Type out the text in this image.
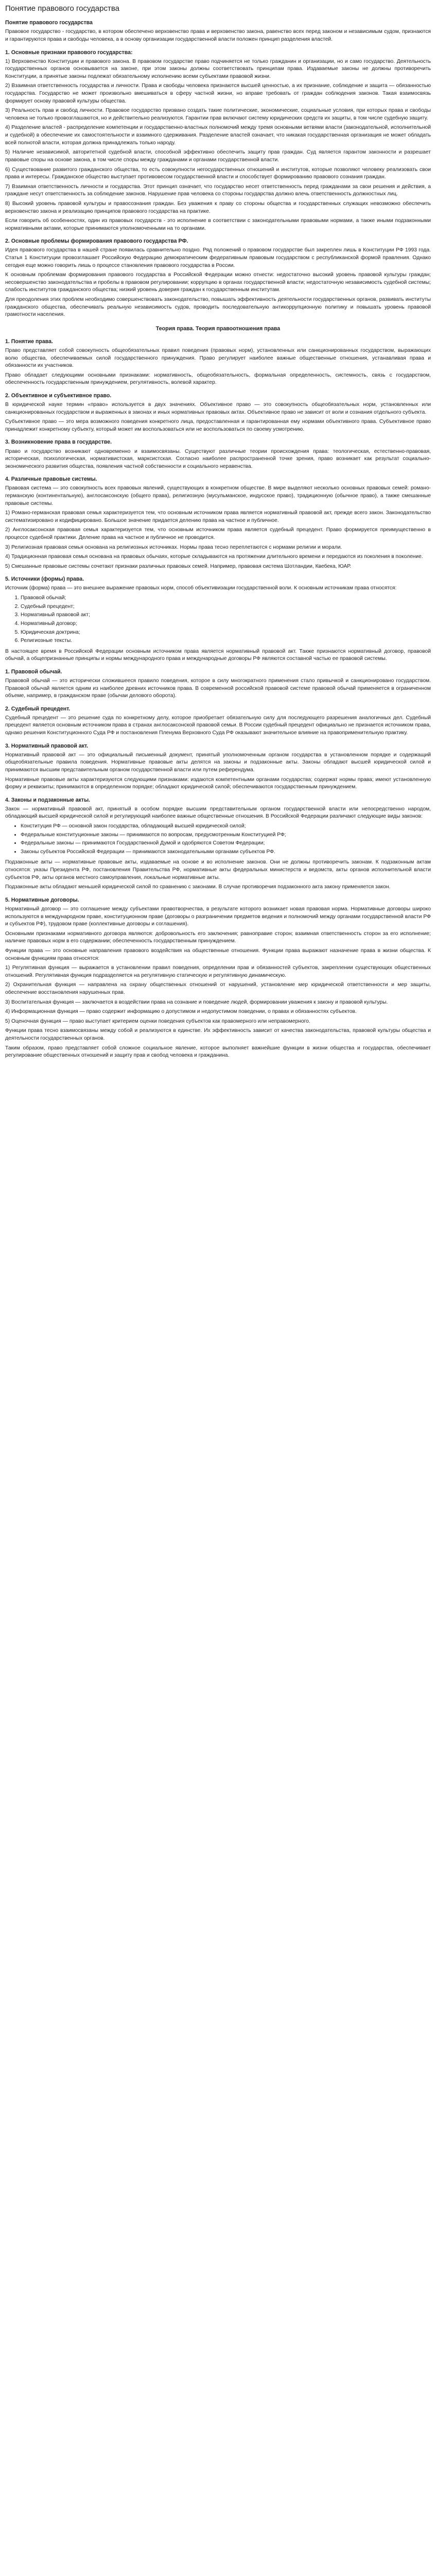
Понятие правового государства
Понятие правового государства

Правовое государство - государство, в котором обеспечено верховенство права и верховенство закона, равенство всех перед законом и независимым судом, признаются и гарантируются права и свободы человека, а в основу организации государственной власти положен принцип разделения властей.

1. Основные признаки правового государства:

1) Верховенство Конституции и правового закона. В правовом государстве право подчиняется не только гражданин и организации, но и само государство. Деятельность государственных органов основывается на законе, при этом законы должны соответствовать принципам права. Издаваемые законы не должны противоречить Конституции, а принятые законы подлежат обязательному исполнению всеми субъектами правовой жизни.

2) Взаимная ответственность государства и личности. Права и свободы человека признаются высшей ценностью, а их признание, соблюдение и защита — обязанностью государства. Государство не может произвольно вмешиваться в сферу частной жизни, но вправе требовать от граждан соблюдения законов. Такая взаимосвязь формирует основу правовой культуры общества.

3) Реальность прав и свобод личности. Правовое государство призвано создать такие политические, экономические, социальные условия, при которых права и свободы человека не только провозглашаются, но и действительно реализуются. Гарантии прав включают систему юридических средств их защиты, в том числе судебную защиту.

4) Разделение властей - распределение компетенции и государственно-властных полномочий между тремя основными ветвями власти (законодательной, исполнительной и судебной) в обеспечение их самостоятельности и взаимного сдерживания. Разделение властей означает, что никакая государственная организация не может обладать всей полнотой власти, которая должна принадлежать только народу.

5) Наличие независимой, авторитетной судебной власти, способной эффективно обеспечить защиту прав граждан. Суд является гарантом законности и разрешает правовые споры на основе закона, в том числе споры между гражданами и органами государственной власти.

6) Существование развитого гражданского общества, то есть совокупности негосударственных отношений и институтов, которые позволяют человеку реализовать свои права и интересы. Гражданское общество выступает противовесом государственной власти и способствует формированию правового сознания граждан.

7) Взаимная ответственность личности и государства. Этот принцип означает, что государство несет ответственность перед гражданами за свои решения и действия, а граждане несут ответственность за соблюдение законов. Нарушение прав человека со стороны государства должно влечь ответственность должностных лиц.

8) Высокий уровень правовой культуры и правосознания граждан. Без уважения к праву со стороны общества и государственных служащих невозможно обеспечить верховенство закона и реализацию принципов правового государства на практике.

Если говорить об особенностях, один из правовых государств - это исполнение в соответствии с законодательными правовыми нормами, а также иными подзаконными нормативными актами, которые принимаются уполномоченными на то органами.

2. Основные проблемы формирования правового государства РФ.

Идея правового государства в нашей стране появилась сравнительно поздно. Ряд положений о правовом государстве был закреплен лишь в Конституции РФ 1993 года. Статья 1 Конституции провозглашает Российскую Федерацию демократическим федеративным правовым государством с республиканской формой правления. Однако сегодня еще можно говорить лишь о процессе становления правового государства в России.

К основным проблемам формирования правового государства в Российской Федерации можно отнести: недостаточно высокий уровень правовой культуры граждан; несовершенство законодательства и пробелы в правовом регулировании; коррупцию в органах государственной власти; недостаточную независимость судебной системы; слабость институтов гражданского общества; низкий уровень доверия граждан к государственным институтам.

Для преодоления этих проблем необходимо совершенствовать законодательство, повышать эффективность деятельности государственных органов, развивать институты гражданского общества, обеспечивать реальную независимость судов, проводить последовательную антикоррупционную политику и повышать уровень правовой грамотности населения.

Теория права. Теория правоотношения права
1. Понятие права.

Право представляет собой совокупность общеобязательных правил поведения (правовых норм), установленных или санкционированных государством, выражающих волю общества, обеспечиваемых силой государственного принуждения. Право регулирует наиболее важные общественные отношения, устанавливая права и обязанности их участников.

Право обладает следующими основными признаками: нормативность, общеобязательность, формальная определенность, системность, связь с государством, обеспеченность государственным принуждением, регулятивность, волевой характер.

2. Объективное и субъективное право.

В юридической науке термин «право» используется в двух значениях. Объективное право — это совокупность общеобязательных норм, установленных или санкционированных государством и выраженных в законах и иных нормативных правовых актах. Объективное право не зависит от воли и сознания отдельного субъекта.

Субъективное право — это мера возможного поведения конкретного лица, предоставленная и гарантированная ему нормами объективного права. Субъективное право принадлежит конкретному субъекту, который может им воспользоваться или не воспользоваться по своему усмотрению.

3. Возникновение права в государстве.

Право и государство возникают одновременно и взаимосвязаны. Существуют различные теории происхождения права: теологическая, естественно-правовая, историческая, психологическая, нормативистская, марксистская. Согласно наиболее распространенной точке зрения, право возникает как результат социально-экономического развития общества, появления частной собственности и социального неравенства.

4. Различные правовые системы.

Правовая система — это совокупность всех правовых явлений, существующих в конкретном обществе. В мире выделяют несколько основных правовых семей: романо-германскую (континентальную), англосаксонскую (общего права), религиозную (мусульманское, индусское право), традиционную (обычное право), а также смешанные правовые системы.

1) Романо-германская правовая семья характеризуется тем, что основным источником права является нормативный правовой акт, прежде всего закон. Законодательство систематизировано и кодифицировано. Большое значение придается делению права на частное и публичное.

2) Англосаксонская правовая семья характеризуется тем, что основным источником права является судебный прецедент. Право формируется преимущественно в процессе судебной практики. Деление права на частное и публичное не проводится.

3) Религиозная правовая семья основана на религиозных источниках. Нормы права тесно переплетаются с нормами религии и морали.

4) Традиционная правовая семья основана на правовых обычаях, которые складываются на протяжении длительного времени и передаются из поколения в поколение.

5) Смешанные правовые системы сочетают признаки различных правовых семей. Например, правовая система Шотландии, Квебека, ЮАР.

5. Источники (формы) права.

Источник (форма) права — это внешнее выражение правовых норм, способ объективизации государственной воли. К основным источникам права относятся:

1. Правовой обычай;
2. Судебный прецедент;
3. Нормативный правовой акт;
4. Нормативный договор;
5. Юридическая доктрина;
6. Религиозные тексты.

В настоящее время в Российской Федерации основным источником права является нормативный правовой акт. Также признаются нормативный договор, правовой обычай, а общепризнанные принципы и нормы международного права и международные договоры РФ являются составной частью ее правовой системы.

1. Правовой обычай.

Правовой обычай — это исторически сложившееся правило поведения, которое в силу многократного применения стало привычкой и санкционировано государством. Правовой обычай является одним из наиболее древних источников права. В современной российской правовой системе правовой обычай применяется в ограниченном объеме, например, в гражданском праве (обычаи делового оборота).

2. Судебный прецедент.

Судебный прецедент — это решение суда по конкретному делу, которое приобретает обязательную силу для последующего разрешения аналогичных дел. Судебный прецедент является основным источником права в странах англосаксонской правовой семьи. В России судебный прецедент официально не признается источником права, однако решения Конституционного Суда РФ и постановления Пленума Верховного Суда РФ оказывают значительное влияние на правоприменительную практику.

3. Нормативный правовой акт.

Нормативный правовой акт — это официальный письменный документ, принятый уполномоченным органом государства в установленном порядке и содержащий общеобязательные правила поведения. Нормативные правовые акты делятся на законы и подзаконные акты. Законы обладают высшей юридической силой и принимаются высшим представительным органом государственной власти или путем референдума.

Нормативные правовые акты характеризуются следующими признаками: издаются компетентными органами государства; содержат нормы права; имеют установленную форму и реквизиты; принимаются в определенном порядке; обладают юридической силой; обеспечиваются государственным принуждением.

4. Законы и подзаконные акты.

Закон — нормативный правовой акт, принятый в особом порядке высшим представительным органом государственной власти или непосредственно народом, обладающий высшей юридической силой и регулирующий наиболее важные общественные отношения. В Российской Федерации различают следующие виды законов:

• Конституция РФ — основной закон государства, обладающий высшей юридической силой;
• Федеральные конституционные законы — принимаются по вопросам, предусмотренным Конституцией РФ;
• Федеральные законы — принимаются Государственной Думой и одобряются Советом Федерации;
• Законы субъектов Российской Федерации — принимаются законодательными органами субъектов РФ.

Подзаконные акты — нормативные правовые акты, издаваемые на основе и во исполнение законов. Они не должны противоречить законам. К подзаконным актам относятся: указы Президента РФ, постановления Правительства РФ, нормативные акты федеральных министерств и ведомств, акты органов исполнительной власти субъектов РФ, акты органов местного самоуправления, локальные нормативные акты.

Подзаконные акты обладают меньшей юридической силой по сравнению с законами. В случае противоречия подзаконного акта закону применяется закон.

5. Нормативные договоры.

Нормативный договор — это соглашение между субъектами правотворчества, в результате которого возникает новая правовая норма. Нормативные договоры широко используются в международном праве, конституционном праве (договоры о разграничении предметов ведения и полномочий между органами государственной власти РФ и субъектов РФ), трудовом праве (коллективные договоры и соглашения).

Основными признаками нормативного договора являются: добровольность его заключения; равноправие сторон; взаимная ответственность сторон за его исполнение; наличие правовых норм в его содержании; обеспеченность государственным принуждением.

Функции права — это основные направления правового воздействия на общественные отношения. Функции права выражают назначение права в жизни общества. К основным функциям права относятся:

1) Регулятивная функция — выражается в установлении правил поведения, определении прав и обязанностей субъектов, закреплении существующих общественных отношений. Регулятивная функция подразделяется на регулятивную статическую и регулятивную динамическую.

2) Охранительная функция — направлена на охрану общественных отношений от нарушений, установление мер юридической ответственности и мер защиты, обеспечение восстановления нарушенных прав.

3) Воспитательная функция — заключается в воздействии права на сознание и поведение людей, формировании уважения к закону и правовой культуры.

4) Информационная функция — право содержит информацию о допустимом и недопустимом поведении, о правах и обязанностях субъектов.

5) Оценочная функция — право выступает критерием оценки поведения субъектов как правомерного или неправомерного.

Функции права тесно взаимосвязаны между собой и реализуются в единстве. Их эффективность зависит от качества законодательства, правовой культуры общества и деятельности государственных органов.

Таким образом, право представляет собой сложное социальное явление, которое выполняет важнейшие функции в жизни общества и государства, обеспечивает регулирование общественных отношений и защиту прав и свобод человека и гражданина.
